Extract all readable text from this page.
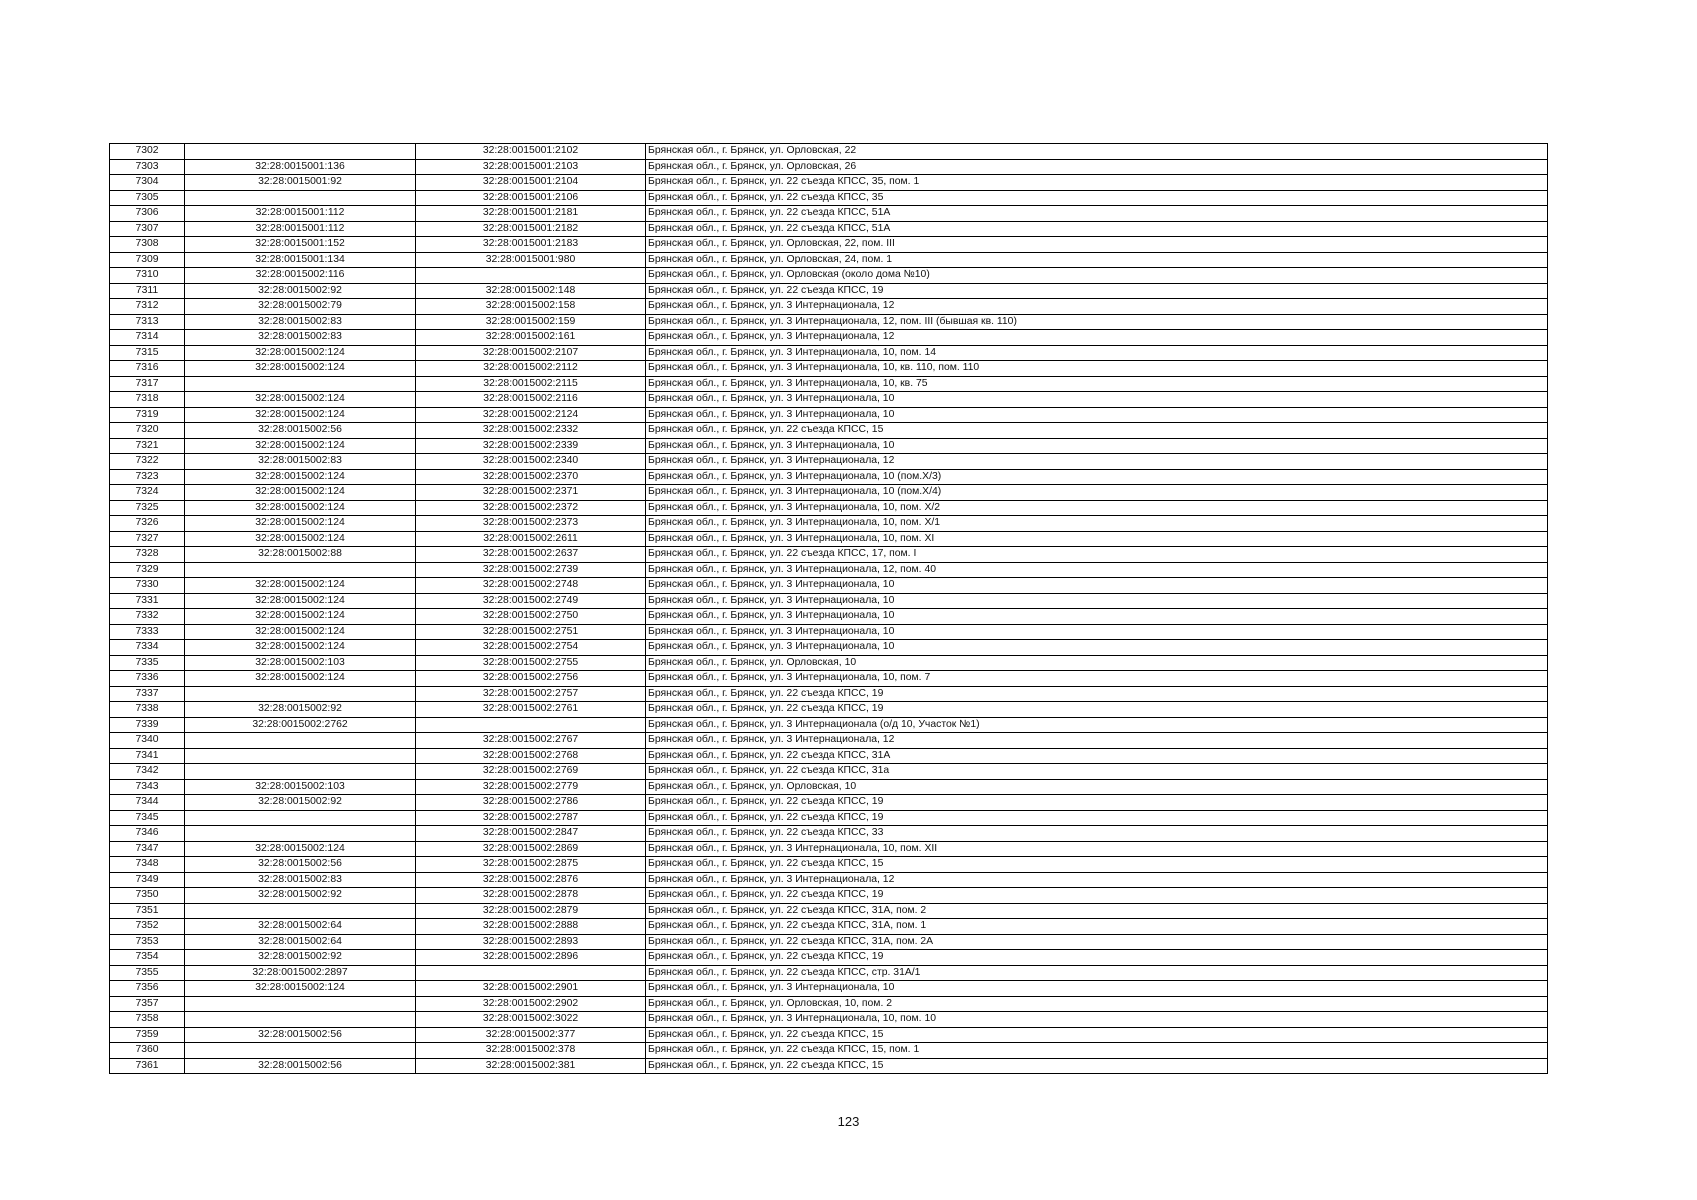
7302		32:28:0015001:2102	Брянская обл., г. Брянск, ул. Орловская, 22
7303	32:28:0015001:136	32:28:0015001:2103	Брянская обл., г. Брянск, ул. Орловская, 26
7304	32:28:0015001:92	32:28:0015001:2104	Брянская обл., г. Брянск, ул. 22 съезда КПСС, 35, пом. 1
7305		32:28:0015001:2106	Брянская обл., г. Брянск, ул. 22 съезда КПСС, 35
7306	32:28:0015001:112	32:28:0015001:2181	Брянская обл., г. Брянск, ул. 22 съезда КПСС, 51А
7307	32:28:0015001:112	32:28:0015001:2182	Брянская обл., г. Брянск, ул. 22 съезда КПСС, 51А
7308	32:28:0015001:152	32:28:0015001:2183	Брянская обл., г. Брянск, ул. Орловская, 22, пом. III
7309	32:28:0015001:134	32:28:0015001:980	Брянская обл., г. Брянск, ул. Орловская, 24, пом. 1
7310	32:28:0015002:116		Брянская обл., г. Брянск, ул. Орловская (около дома №10)
7311	32:28:0015002:92	32:28:0015002:148	Брянская обл., г. Брянск, ул. 22 съезда КПСС, 19
7312	32:28:0015002:79	32:28:0015002:158	Брянская обл., г. Брянск, ул. 3 Интернационала, 12
7313	32:28:0015002:83	32:28:0015002:159	Брянская обл., г. Брянск, ул. 3 Интернационала, 12, пом. III (бывшая кв. 110)
7314	32:28:0015002:83	32:28:0015002:161	Брянская обл., г. Брянск, ул. 3 Интернационала, 12
7315	32:28:0015002:124	32:28:0015002:2107	Брянская обл., г. Брянск, ул. 3 Интернационала, 10, пом. 14
7316	32:28:0015002:124	32:28:0015002:2112	Брянская обл., г. Брянск, ул. 3 Интернационала, 10, кв. 110, пом. 110
7317		32:28:0015002:2115	Брянская обл., г. Брянск, ул. 3 Интернационала, 10, кв. 75
7318	32:28:0015002:124	32:28:0015002:2116	Брянская обл., г. Брянск, ул. 3 Интернационала, 10
7319	32:28:0015002:124	32:28:0015002:2124	Брянская обл., г. Брянск, ул. 3 Интернационала, 10
7320	32:28:0015002:56	32:28:0015002:2332	Брянская обл., г. Брянск, ул. 22 съезда КПСС, 15
7321	32:28:0015002:124	32:28:0015002:2339	Брянская обл., г. Брянск, ул. 3 Интернационала, 10
7322	32:28:0015002:83	32:28:0015002:2340	Брянская обл., г. Брянск, ул. 3 Интернационала, 12
7323	32:28:0015002:124	32:28:0015002:2370	Брянская обл., г. Брянск, ул. 3 Интернационала, 10 (пом.Х/3)
7324	32:28:0015002:124	32:28:0015002:2371	Брянская обл., г. Брянск, ул. 3 Интернационала, 10 (пом.Х/4)
7325	32:28:0015002:124	32:28:0015002:2372	Брянская обл., г. Брянск, ул. 3 Интернационала, 10, пом. Х/2
7326	32:28:0015002:124	32:28:0015002:2373	Брянская обл., г. Брянск, ул. 3 Интернационала, 10, пом. Х/1
7327	32:28:0015002:124	32:28:0015002:2611	Брянская обл., г. Брянск, ул. 3 Интернационала, 10, пом. XI
7328	32:28:0015002:88	32:28:0015002:2637	Брянская обл., г. Брянск, ул. 22 съезда КПСС, 17, пом. I
7329		32:28:0015002:2739	Брянская обл., г. Брянск, ул. 3 Интернационала, 12, пом. 40
7330	32:28:0015002:124	32:28:0015002:2748	Брянская обл., г. Брянск, ул. 3 Интернационала, 10
7331	32:28:0015002:124	32:28:0015002:2749	Брянская обл., г. Брянск, ул. 3 Интернационала, 10
7332	32:28:0015002:124	32:28:0015002:2750	Брянская обл., г. Брянск, ул. 3 Интернационала, 10
7333	32:28:0015002:124	32:28:0015002:2751	Брянская обл., г. Брянск, ул. 3 Интернационала, 10
7334	32:28:0015002:124	32:28:0015002:2754	Брянская обл., г. Брянск, ул. 3 Интернационала, 10
7335	32:28:0015002:103	32:28:0015002:2755	Брянская обл., г. Брянск, ул. Орловская, 10
7336	32:28:0015002:124	32:28:0015002:2756	Брянская обл., г. Брянск, ул. 3 Интернационала, 10, пом. 7
7337		32:28:0015002:2757	Брянская обл., г. Брянск, ул. 22 съезда КПСС, 19
7338	32:28:0015002:92	32:28:0015002:2761	Брянская обл., г. Брянск, ул. 22 съезда КПСС, 19
7339	32:28:0015002:2762		Брянская обл., г. Брянск, ул. 3 Интернационала (о/д 10, Участок №1)
7340		32:28:0015002:2767	Брянская обл., г. Брянск, ул. 3 Интернационала, 12
7341		32:28:0015002:2768	Брянская обл., г. Брянск, ул. 22 съезда КПСС, 31А
7342		32:28:0015002:2769	Брянская обл., г. Брянск, ул. 22 съезда КПСС, 31а
7343	32:28:0015002:103	32:28:0015002:2779	Брянская обл., г. Брянск, ул. Орловская, 10
7344	32:28:0015002:92	32:28:0015002:2786	Брянская обл., г. Брянск, ул. 22 съезда КПСС, 19
7345		32:28:0015002:2787	Брянская обл., г. Брянск, ул. 22 съезда КПСС, 19
7346		32:28:0015002:2847	Брянская обл., г. Брянск, ул. 22 съезда КПСС, 33
7347	32:28:0015002:124	32:28:0015002:2869	Брянская обл., г. Брянск, ул. 3 Интернационала, 10, пом. XII
7348	32:28:0015002:56	32:28:0015002:2875	Брянская обл., г. Брянск, ул. 22 съезда КПСС, 15
7349	32:28:0015002:83	32:28:0015002:2876	Брянская обл., г. Брянск, ул. 3 Интернационала, 12
7350	32:28:0015002:92	32:28:0015002:2878	Брянская обл., г. Брянск, ул. 22 съезда КПСС, 19
7351		32:28:0015002:2879	Брянская обл., г. Брянск, ул. 22 съезда КПСС, 31А, пом. 2
7352	32:28:0015002:64	32:28:0015002:2888	Брянская обл., г. Брянск, ул. 22 съезда КПСС, 31А, пом. 1
7353	32:28:0015002:64	32:28:0015002:2893	Брянская обл., г. Брянск, ул. 22 съезда КПСС, 31А, пом. 2А
7354	32:28:0015002:92	32:28:0015002:2896	Брянская обл., г. Брянск, ул. 22 съезда КПСС, 19
7355	32:28:0015002:2897		Брянская обл., г. Брянск, ул. 22 съезда КПСС, стр. 31А/1
7356	32:28:0015002:124	32:28:0015002:2901	Брянская обл., г. Брянск, ул. 3 Интернационала, 10
7357		32:28:0015002:2902	Брянская обл., г. Брянск, ул. Орловская, 10, пом. 2
7358		32:28:0015002:3022	Брянская обл., г. Брянск, ул. 3 Интернационала, 10, пом. 10
7359	32:28:0015002:56	32:28:0015002:377	Брянская обл., г. Брянск, ул. 22 съезда КПСС, 15
7360		32:28:0015002:378	Брянская обл., г. Брянск, ул. 22 съезда КПСС, 15, пом. 1
7361	32:28:0015002:56	32:28:0015002:381	Брянская обл., г. Брянск, ул. 22 съезда КПСС, 15
123
